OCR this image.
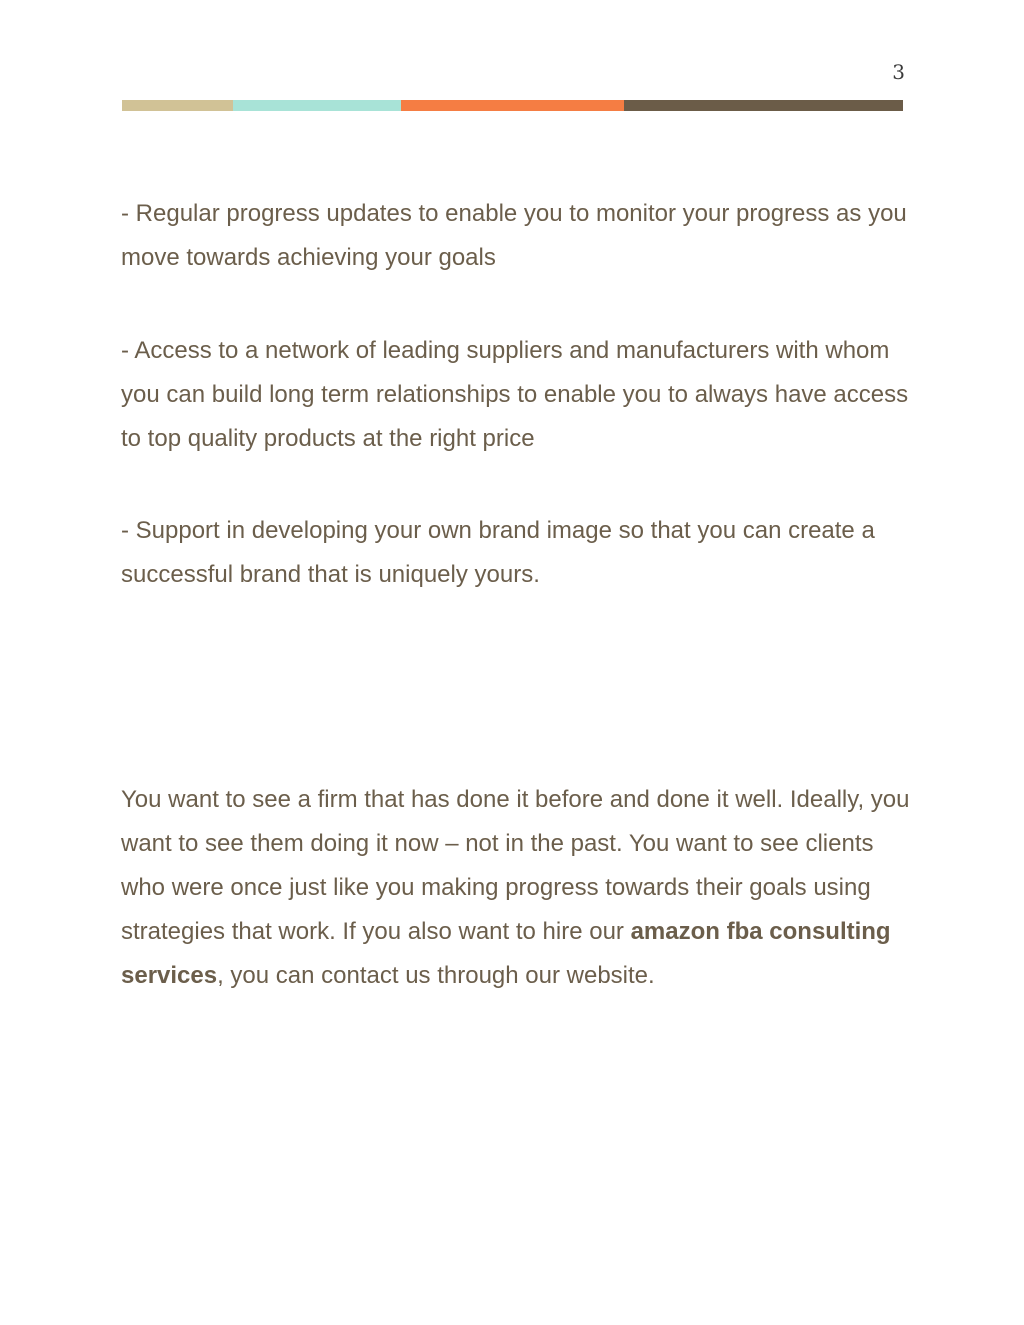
3

- Regular progress updates to enable you to monitor your progress as you move towards achieving your goals

- Access to a network of leading suppliers and manufacturers with whom you can build long term relationships to enable you to always have access to top quality products at the right price

- Support in developing your own brand image so that you can create a successful brand that is uniquely yours.

You want to see a firm that has done it before and done it well. Ideally, you want to see them doing it now – not in the past. You want to see clients who were once just like you making progress towards their goals using strategies that work. If you also want to hire our amazon fba consulting services, you can contact us through our website.
